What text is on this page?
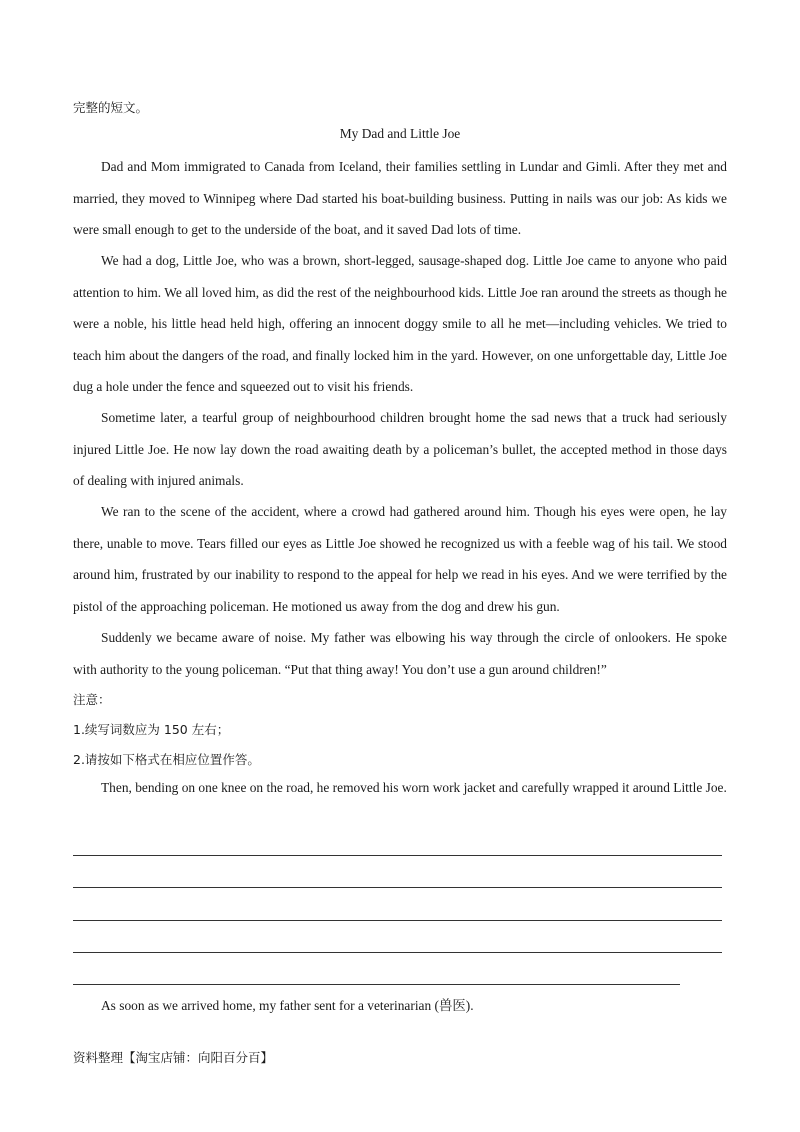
完整的短文。
My Dad and Little Joe

Dad and Mom immigrated to Canada from Iceland, their families settling in Lundar and Gimli. After they met and married, they moved to Winnipeg where Dad started his boat-building business. Putting in nails was our job: As kids we were small enough to get to the underside of the boat, and it saved Dad lots of time.

We had a dog, Little Joe, who was a brown, short-legged, sausage-shaped dog. Little Joe came to anyone who paid attention to him. We all loved him, as did the rest of the neighbourhood kids. Little Joe ran around the streets as though he were a noble, his little head held high, offering an innocent doggy smile to all he met—including vehicles. We tried to teach him about the dangers of the road, and finally locked him in the yard. However, on one unforgettable day, Little Joe dug a hole under the fence and squeezed out to visit his friends.

Sometime later, a tearful group of neighbourhood children brought home the sad news that a truck had seriously injured Little Joe. He now lay down the road awaiting death by a policeman’s bullet, the accepted method in those days of dealing with injured animals.

We ran to the scene of the accident, where a crowd had gathered around him. Though his eyes were open, he lay there, unable to move. Tears filled our eyes as Little Joe showed he recognized us with a feeble wag of his tail. We stood around him, frustrated by our inability to respond to the appeal for help we read in his eyes. And we were terrified by the pistol of the approaching policeman. He motioned us away from the dog and drew his gun.

Suddenly we became aware of noise. My father was elbowing his way through the circle of onlookers. He spoke with authority to the young policeman. “Put that thing away! You don’t use a gun around children!”

注意：
1.续写词数应为 150 左右；
2.请按如下格式在相应位置作答。

Then, bending on one knee on the road, he removed his worn work jacket and carefully wrapped it around Little Joe.

As soon as we arrived home, my father sent for a veterinarian (兽医).

资料整理【淘宝店铺：向阳百分百】
